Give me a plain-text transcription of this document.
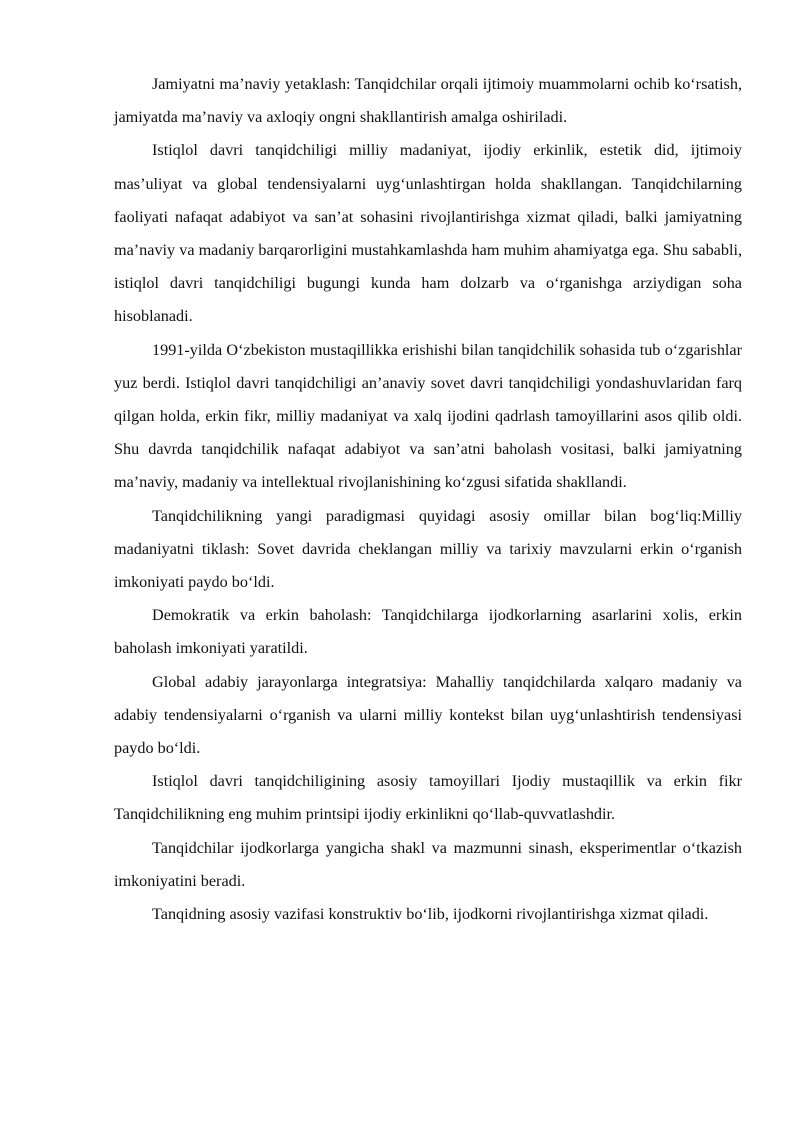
Jamiyatni ma’naviy yetaklash: Tanqidchilar orqali ijtimoiy muammolarni ochib ko‘rsatish, jamiyatda ma’naviy va axloqiy ongni shakllantirish amalga oshiriladi.

Istiqlol davri tanqidchiligi milliy madaniyat, ijodiy erkinlik, estetik did, ijtimoiy mas’uliyat va global tendensiyalarni uyg‘unlashtirgan holda shakllangan. Tanqidchilarning faoliyati nafaqat adabiyot va san’at sohasini rivojlantirishga xizmat qiladi, balki jamiyatning ma’naviy va madaniy barqarorligini mustahkamlashda ham muhim ahamiyatga ega. Shu sababli, istiqlol davri tanqidchiligi bugungi kunda ham dolzarb va o‘rganishga arziydigan soha hisoblanadi.

1991-yilda O‘zbekiston mustaqillikka erishishi bilan tanqidchilik sohasida tub o‘zgarishlar yuz berdi. Istiqlol davri tanqidchiligi an’anaviy sovet davri tanqidchiligi yondashuvlaridan farq qilgan holda, erkin fikr, milliy madaniyat va xalq ijodini qadrlash tamoyillarini asos qilib oldi. Shu davrda tanqidchilik nafaqat adabiyot va san’atni baholash vositasi, balki jamiyatning ma’naviy, madaniy va intellektual rivojlanishining ko‘zgusi sifatida shakllandi.

Tanqidchilikning yangi paradigmasi quyidagi asosiy omillar bilan bog‘liq:Milliy madaniyatni tiklash: Sovet davrida cheklangan milliy va tarixiy mavzularni erkin o‘rganish imkoniyati paydo bo‘ldi.

Demokratik va erkin baholash: Tanqidchilarga ijodkorlarning asarlarini xolis, erkin baholash imkoniyati yaratildi.

Global adabiy jarayonlarga integratsiya: Mahalliy tanqidchilarda xalqaro madaniy va adabiy tendensiyalarni o‘rganish va ularni milliy kontekst bilan uyg‘unlashtirish tendensiyasi paydo bo‘ldi.

Istiqlol davri tanqidchiligining asosiy tamoyillari Ijodiy mustaqillik va erkin fikr Tanqidchilikning eng muhim printsipi ijodiy erkinlikni qo‘llab-quvvatlashdir.

Tanqidchilar ijodkorlarga yangicha shakl va mazmunni sinash, eksperimentlar o‘tkazish imkoniyatini beradi.

Tanqidning asosiy vazifasi konstruktiv bo‘lib, ijodkorni rivojlantirishga xizmat qiladi.
